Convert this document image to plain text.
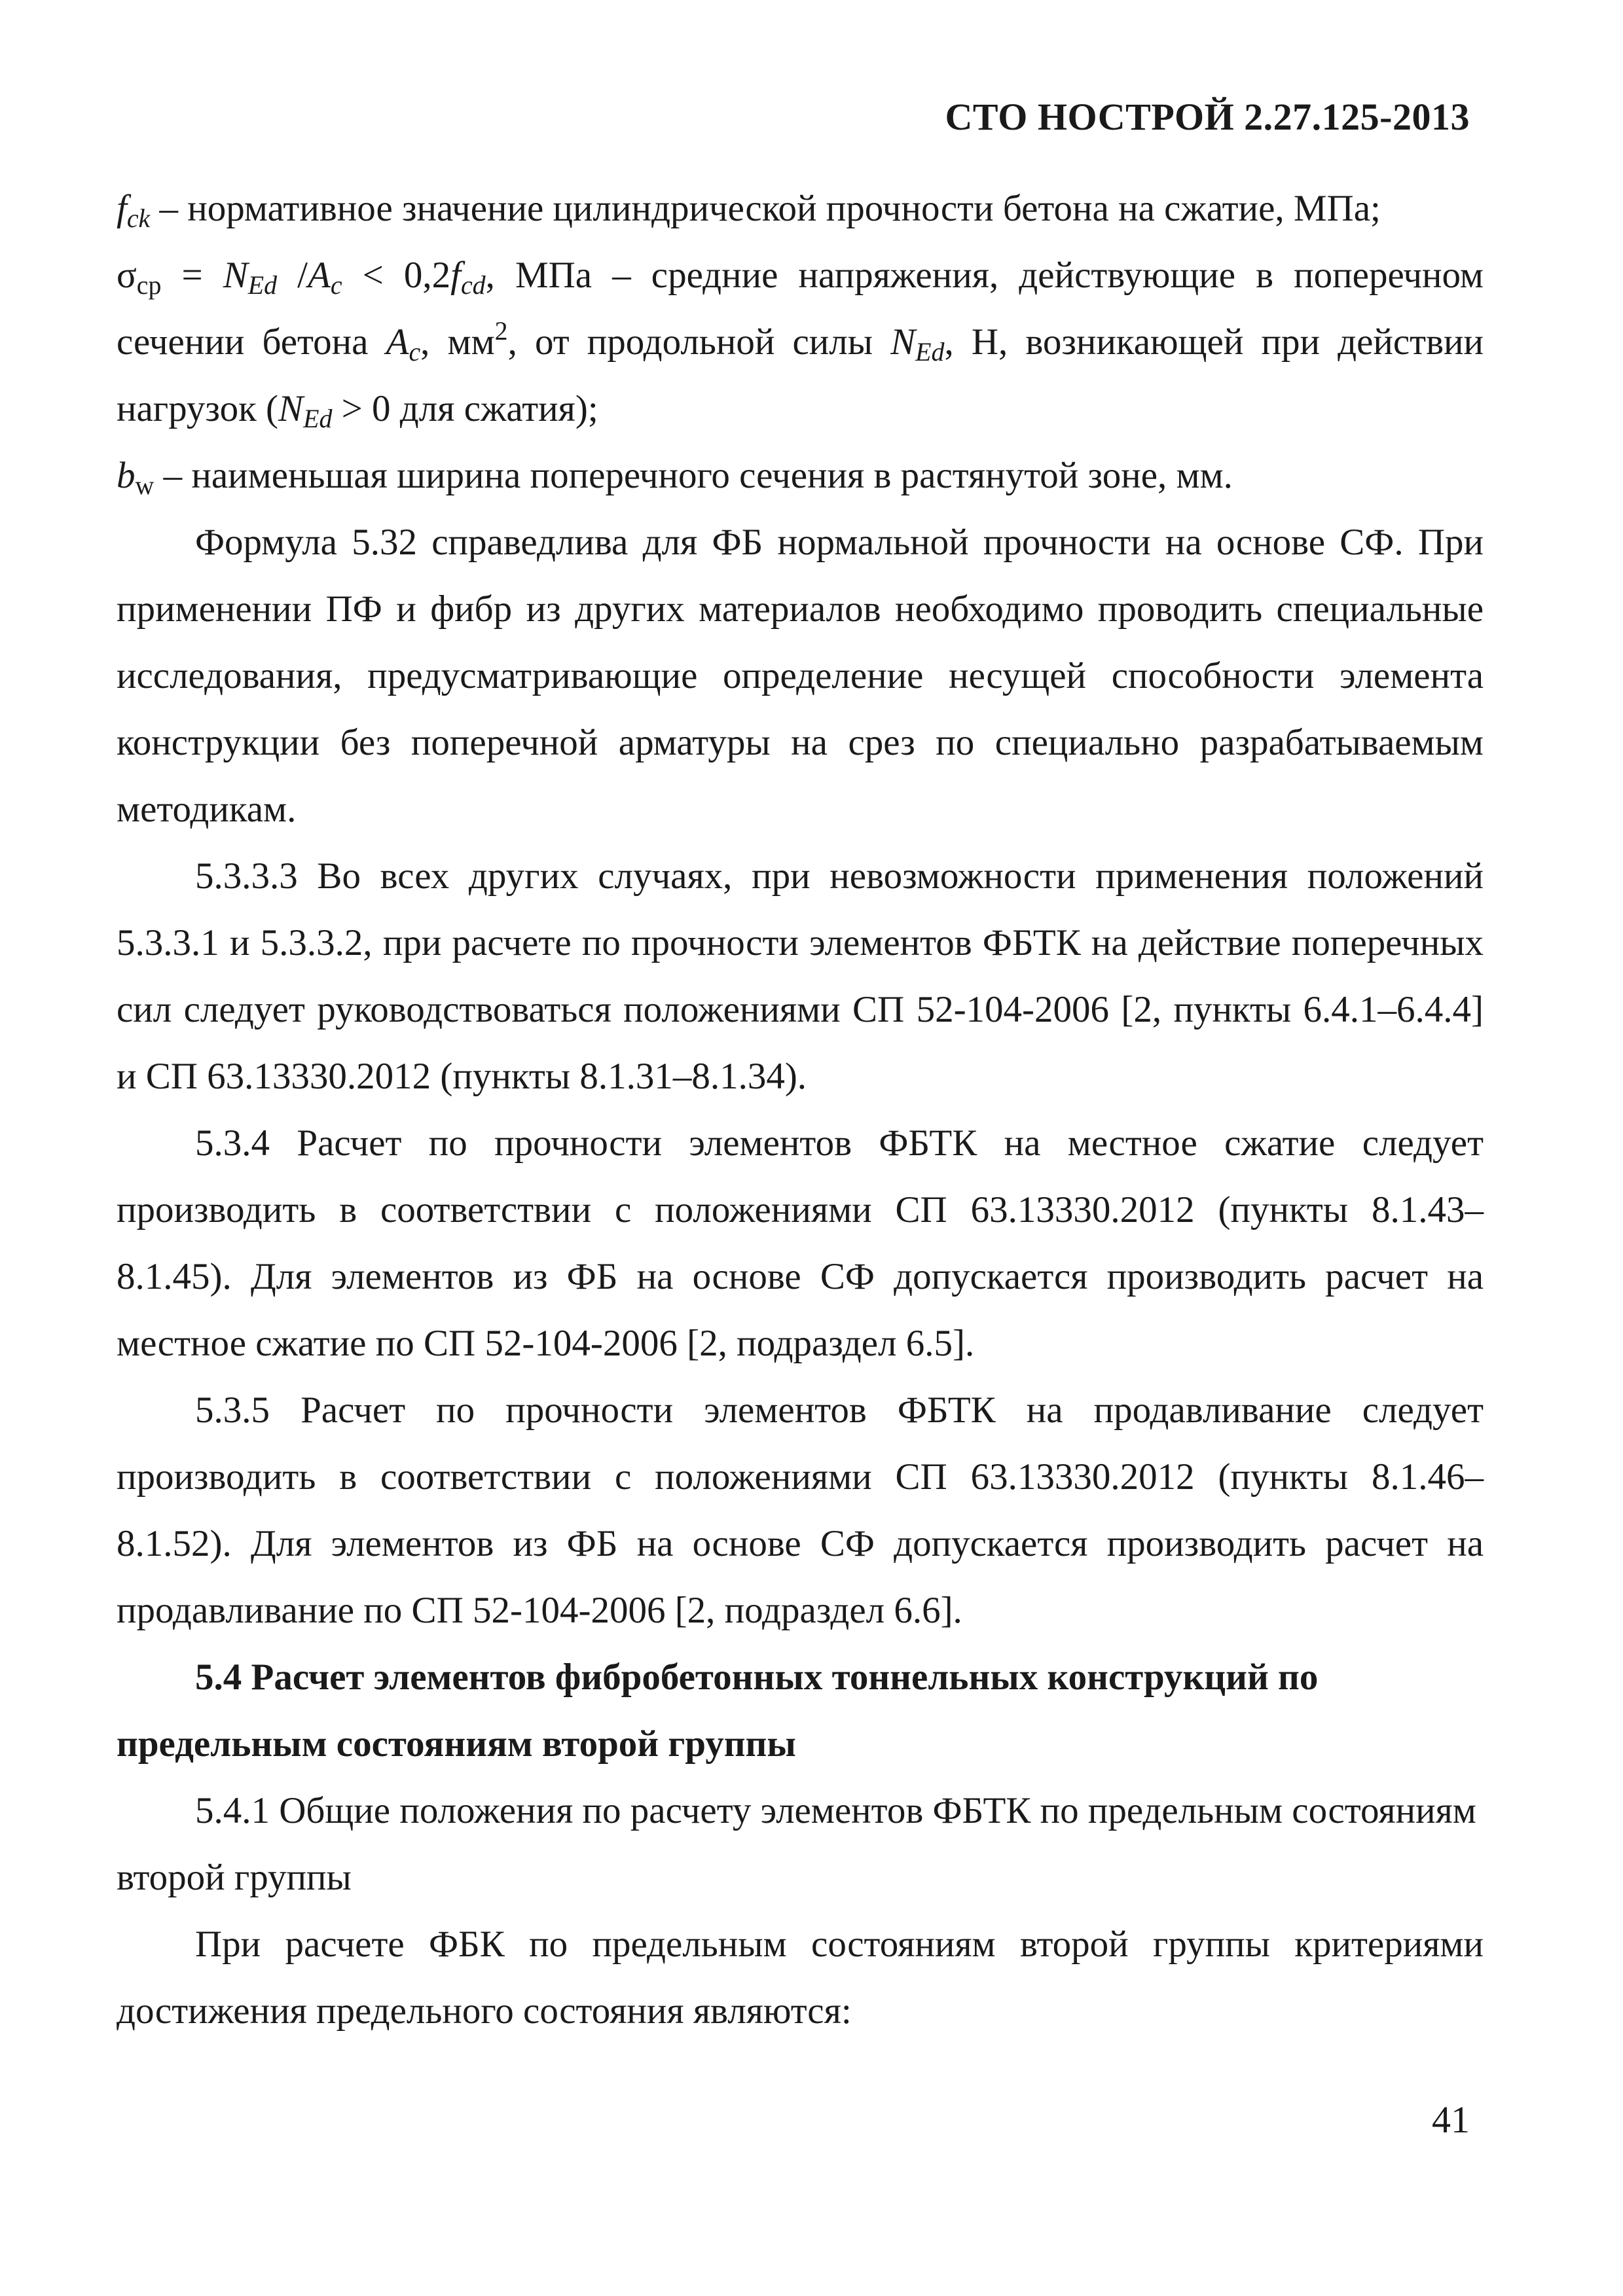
СТО НОСТРОЙ 2.27.125-2013

$f_{ck}$ – нормативное значение цилиндрической прочности бетона на сжатие, МПа;

$\sigma_{ср} = N_{Ed}$ $/A_c < 0,2f_{cd}$, МПа – средние напряжения, действующие в поперечном сечении бетона $A_c$, $мм^2$, от продольной силы $N_{Ed}$, Н, возникающей при действии нагрузок ($N_{Ed} > 0$ для сжатия);

$b_w$ – наименьшая ширина поперечного сечения в растянутой зоне, мм.

Формула 5.32 справедлива для ФБ нормальной прочности на основе СФ. При применении ПФ и фибр из других материалов необходимо проводить специальные исследования, предусматривающие определение несущей способности элемента конструкции без поперечной арматуры на срез по специально разрабатываемым методикам.

5.3.3.3 Во всех других случаях, при невозможности применения положений 5.3.3.1 и 5.3.3.2, при расчете по прочности элементов ФБТК на действие поперечных сил следует руководствоваться положениями СП 52-104-2006 [2, пункты 6.4.1–6.4.4] и СП 63.13330.2012 (пункты 8.1.31–8.1.34).

5.3.4 Расчет по прочности элементов ФБТК на местное сжатие следует производить в соответствии с положениями СП 63.13330.2012 (пункты 8.1.43–8.1.45). Для элементов из ФБ на основе СФ допускается производить расчет на местное сжатие по СП 52-104-2006 [2, подраздел 6.5].

5.3.5 Расчет по прочности элементов ФБТК на продавливание следует производить в соответствии с положениями СП 63.13330.2012 (пункты 8.1.46–8.1.52). Для элементов из ФБ на основе СФ допускается производить расчет на продавливание по СП 52-104-2006 [2, подраздел 6.6].

5.4 Расчет элементов фибробетонных тоннельных конструкций по предельным состояниям второй группы

5.4.1 Общие положения по расчету элементов ФБТК по предельным состояниям второй группы

При расчете ФБК по предельным состояниям второй группы критериями достижения предельного состояния являются:

41
